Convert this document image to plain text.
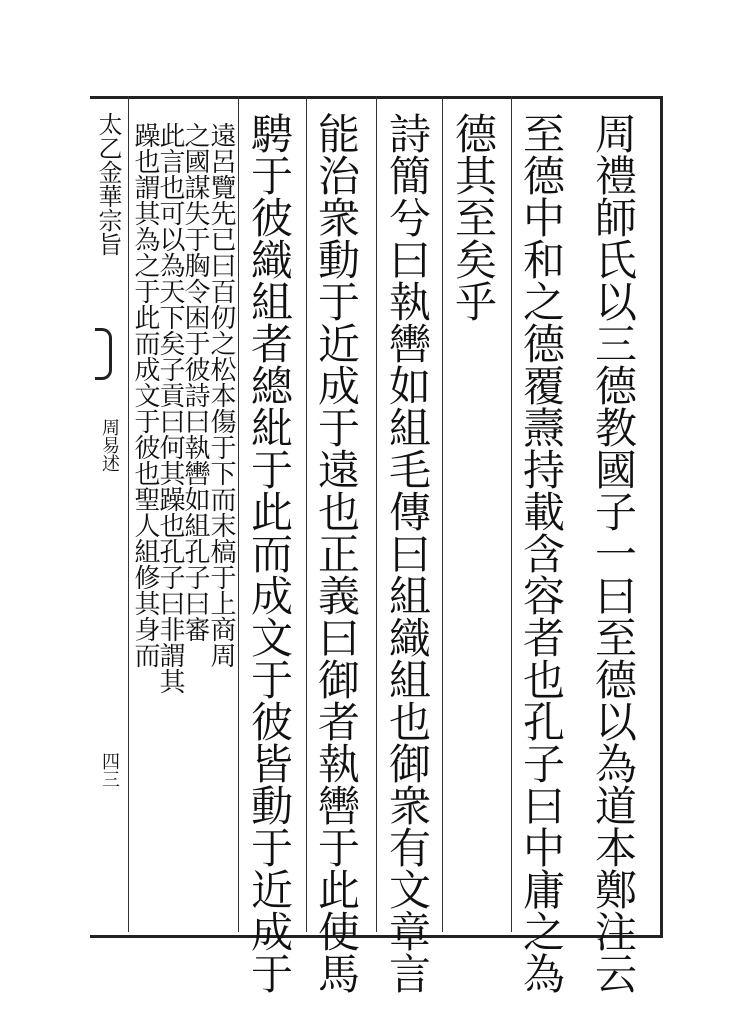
太乙金華宗旨
周易述
四三	周禮師氏以三德教國子一曰至德以為道本鄭注云
至德中和之德覆燾持載含容者也孔子曰中庸之為
德其至矣乎
詩簡兮曰執轡如組毛傳曰組織組也御衆有文章言
能治衆動于近成于遠也正義曰御者執轡于此使馬
騁于彼織組者總紕于此而成文于彼皆動于近成于
遠呂覽先已曰百仞之松本傷于下而末槁于上商周
之國謀失于胸令困于彼詩曰執轡如組孔子曰審
此言也可以為天下矣子貢曰何其躁也孔子曰非謂其
躁也謂其為之于此而成文于彼也聖人組修其身而
